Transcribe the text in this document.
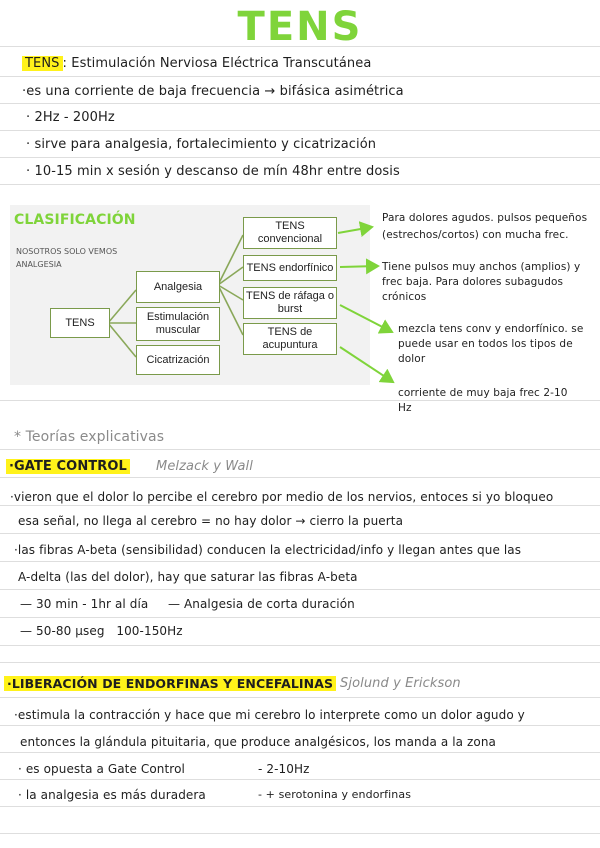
TENS
TENS : Estimulación Nerviosa Eléctrica Transcutánea
·es una corriente de baja frecuencia → bifásica asimétrica
· 2Hz - 200Hz
· sirve para analgesia, fortalecimiento y cicatrización
· 10-15 min x sesión y descanso de mín 48hr entre dosis
NOSOTROS SOLO VEMOS ANALGESIA
TENS
Analgesia
Estimulación muscular
Cicatrización
TENS convencional
TENS endorfínico
TENS de ráfaga o burst
TENS de acupuntura
CLASIFICACIÓN	Para dolores agudos. pulsos pequeños (estrechos/cortos) con mucha frec.
Tiene pulsos muy anchos (amplios) y frec baja. Para dolores subagudos crónicos
mezcla tens conv y endorfínico. se puede usar en todos los tipos de dolor
corriente de muy baja frec 2-10 Hz
* Teorías explicativas
·GATE CONTROL Melzack y Wall
·vieron que el dolor lo percibe el cerebro por medio de los nervios, entoces si yo bloqueo
esa señal, no llega al cerebro = no hay dolor → cierro la puerta
·las fibras A-beta (sensibilidad) conducen la electricidad/info y llegan antes que las
A-delta (las del dolor), hay que saturar las fibras A-beta
— 30 min - 1hr al día     — Analgesia de corta duración
— 50-80 μseg   100-150Hz
·LIBERACIÓN DE ENDORFINAS Y ENCEFALINAS Sjolund y Erickson
·estimula la contracción y hace que mi cerebro lo interprete como un dolor agudo y
entonces la glándula pituitaria, que produce analgésicos, los manda a la zona
· es opuesta a Gate Control
· la analgesia es más duradera
- 2-10Hz
- + serotonina y endorfinas
